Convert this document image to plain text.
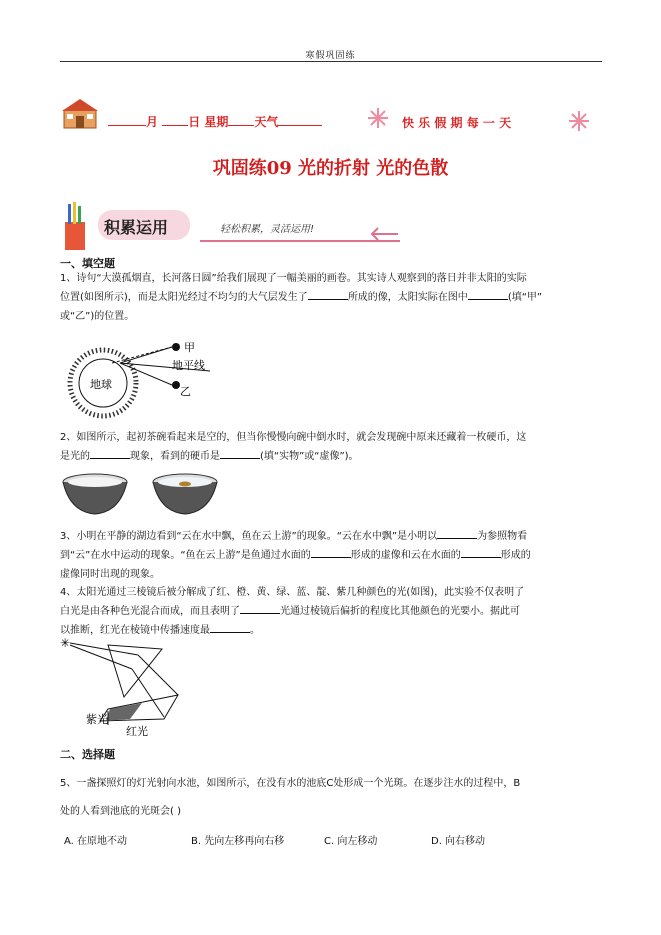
寒假巩固练
月	日 星期 天气	快 乐 假 期 每 一 天
巩固练09 光的折射 光的色散
积累运用	轻松积累，灵活运用!
一、填空题
1、诗句“大漠孤烟直，长河落日圆”给我们展现了一幅美丽的画卷。其实诗人观察到的落日并非太阳的实际
位置(如图所示)，而是太阳光经过不均匀的大气层发生了	所成的像，太阳实际在图中	(填“甲”
或“乙”)的位置。
地球
甲
地平线
乙
2、如图所示，起初茶碗看起来是空的，但当你慢慢向碗中倒水时，就会发现碗中原来还藏着一枚硬币，这
是光的	现象，看到的硬币是	(填“实物”或“虚像”)。
3、小明在平静的湖边看到“云在水中飘，鱼在云上游”的现象。“云在水中飘”是小明以	为参照物看
到“云”在水中运动的现象。“鱼在云上游”是鱼通过水面的	形成的虚像和云在水面的	形成的
虚像同时出现的现象。
4、太阳光通过三棱镜后被分解成了红、橙、黄、绿、蓝、靛、紫几种颜色的光(如图)，此实验不仅表明了
白光是由各种色光混合而成，而且表明了	光通过棱镜后偏折的程度比其他颜色的光要小。据此可
以推断，红光在棱镜中传播速度最	。
✳
紫光
红光
二、选择题
5、一盏探照灯的灯光射向水池，如图所示，在没有水的池底C处形成一个光斑。在逐步注水的过程中，B
处的人看到池底的光斑会( )
A. 在原地不动	B. 先向左移再向右移	C. 向左移动	D. 向右移动
